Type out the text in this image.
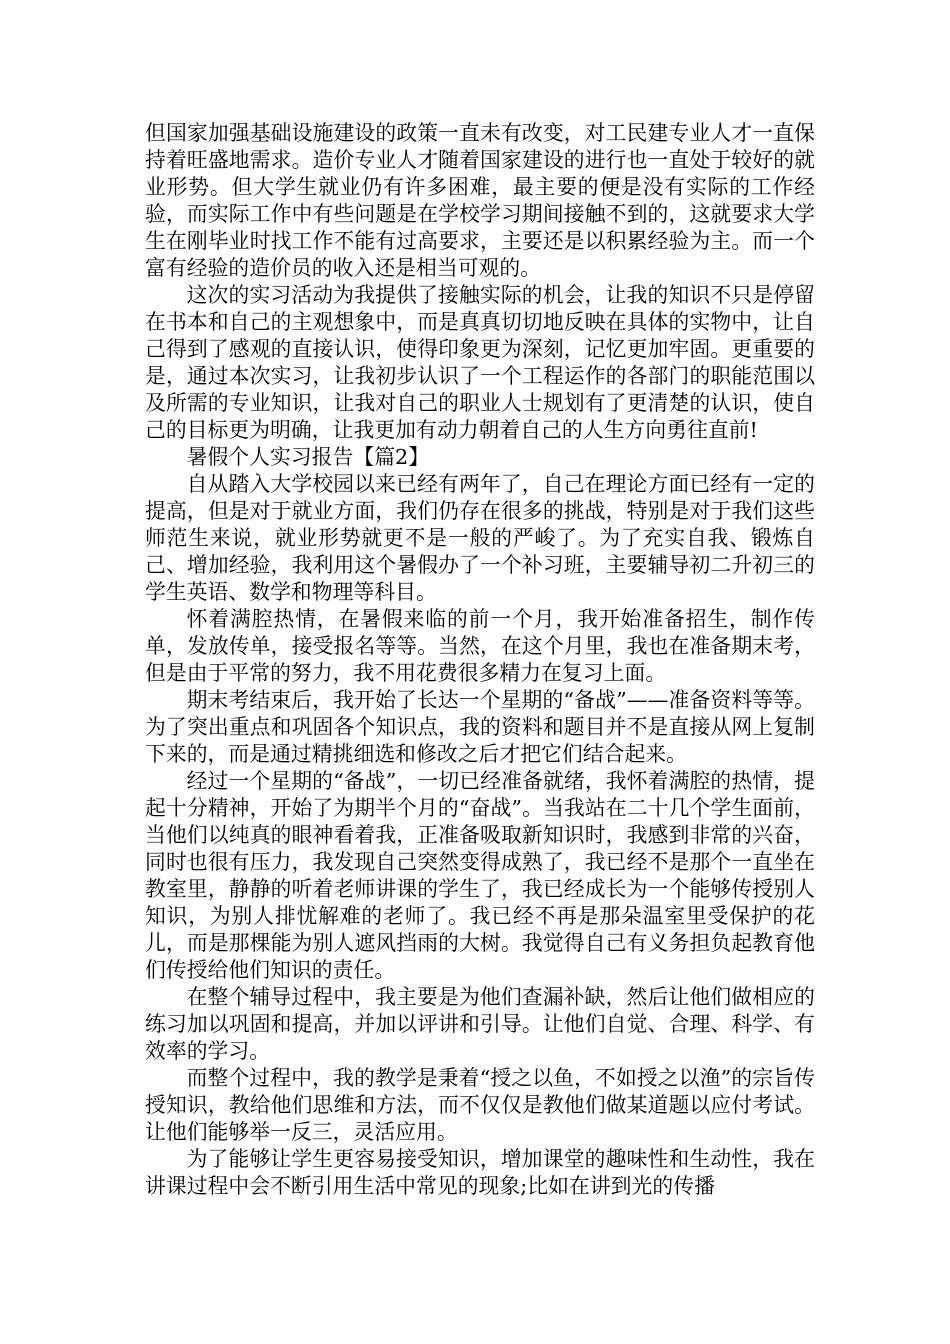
但国家加强基础设施建设的政策一直未有改变，对工民建专业人才一直保持着旺盛地需求。造价专业人才随着国家建设的进行也一直处于较好的就业形势。但大学生就业仍有许多困难，最主要的便是没有实际的工作经验，而实际工作中有些问题是在学校学习期间接触不到的，这就要求大学生在刚毕业时找工作不能有过高要求，主要还是以积累经验为主。而一个富有经验的造价员的收入还是相当可观的。

这次的实习活动为我提供了接触实际的机会，让我的知识不只是停留在书本和自己的主观想象中，而是真真切切地反映在具体的实物中，让自己得到了感观的直接认识，使得印象更为深刻，记忆更加牢固。更重要的是，通过本次实习，让我初步认识了一个工程运作的各部门的职能范围以及所需的专业知识，让我对自己的职业人士规划有了更清楚的认识，使自己的目标更为明确，让我更加有动力朝着自己的人生方向勇往直前!

暑假个人实习报告【篇2】

自从踏入大学校园以来已经有两年了，自己在理论方面已经有一定的提高，但是对于就业方面，我们仍存在很多的挑战，特别是对于我们这些师范生来说，就业形势就更不是一般的严峻了。为了充实自我、锻炼自己、增加经验，我利用这个暑假办了一个补习班，主要辅导初二升初三的学生英语、数学和物理等科目。

怀着满腔热情，在暑假来临的前一个月，我开始准备招生，制作传单，发放传单，接受报名等等。当然，在这个月里，我也在准备期末考，但是由于平常的努力，我不用花费很多精力在复习上面。

期末考结束后，我开始了长达一个星期的“备战”——准备资料等等。为了突出重点和巩固各个知识点，我的资料和题目并不是直接从网上复制下来的，而是通过精挑细选和修改之后才把它们结合起来。

经过一个星期的“备战”，一切已经准备就绪，我怀着满腔的热情，提起十分精神，开始了为期半个月的“奋战”。当我站在二十几个学生面前，当他们以纯真的眼神看着我，正准备吸取新知识时，我感到非常的兴奋，同时也很有压力，我发现自己突然变得成熟了，我已经不是那个一直坐在教室里，静静的听着老师讲课的学生了，我已经成长为一个能够传授别人知识，为别人排忧解难的老师了。我已经不再是那朵温室里受保护的花儿，而是那棵能为别人遮风挡雨的大树。我觉得自己有义务担负起教育他们传授给他们知识的责任。

在整个辅导过程中，我主要是为他们查漏补缺，然后让他们做相应的练习加以巩固和提高，并加以评讲和引导。让他们自觉、合理、科学、有效率的学习。

而整个过程中，我的教学是秉着“授之以鱼，不如授之以渔”的宗旨传授知识，教给他们思维和方法，而不仅仅是教他们做某道题以应付考试。让他们能够举一反三，灵活应用。

为了能够让学生更容易接受知识，增加课堂的趣味性和生动性，我在讲课过程中会不断引用生活中常见的现象;比如在讲到光的传播
